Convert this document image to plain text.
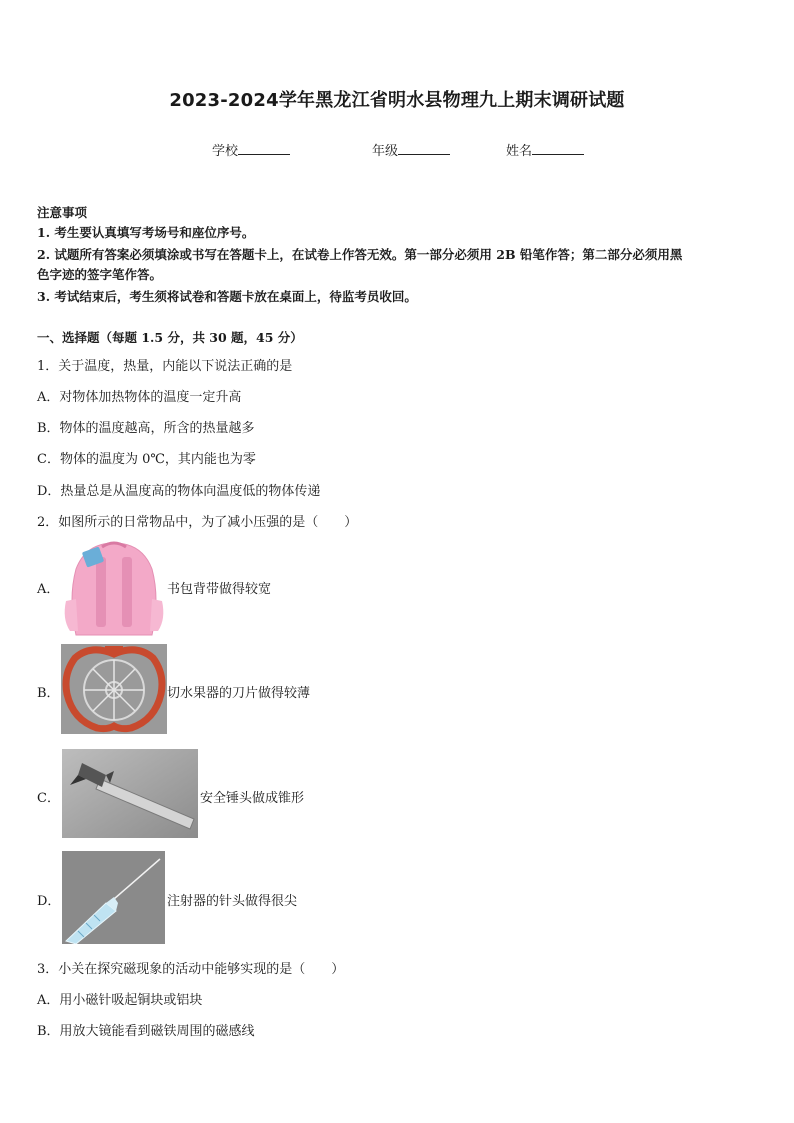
2023-2024学年黑龙江省明水县物理九上期末调研试题
学校	年级	姓名
注意事项
1. 考生要认真填写考场号和座位序号。
2. 试题所有答案必须填涂或书写在答题卡上，在试卷上作答无效。第一部分必须用 2B 铅笔作答；第二部分必须用黑
色字迹的签字笔作答。
3. 考试结束后，考生须将试卷和答题卡放在桌面上，待监考员收回。
一、选择题（每题 1.5 分，共 30 题，45 分）
1．关于温度，热量，内能以下说法正确的是
A．对物体加热物体的温度一定升高
B．物体的温度越高，所含的热量越多
C．物体的温度为 0℃，其内能也为零
D．热量总是从温度高的物体向温度低的物体传递
2．如图所示的日常物品中，为了减小压强的是（　　）
A．	书包背带做得较宽
B．	切水果器的刀片做得较薄
C．	安全锤头做成锥形
D．	注射器的针头做得很尖
3．小关在探究磁现象的活动中能够实现的是（　　）
A．用小磁针吸起铜块或铝块
B．用放大镜能看到磁铁周围的磁感线
